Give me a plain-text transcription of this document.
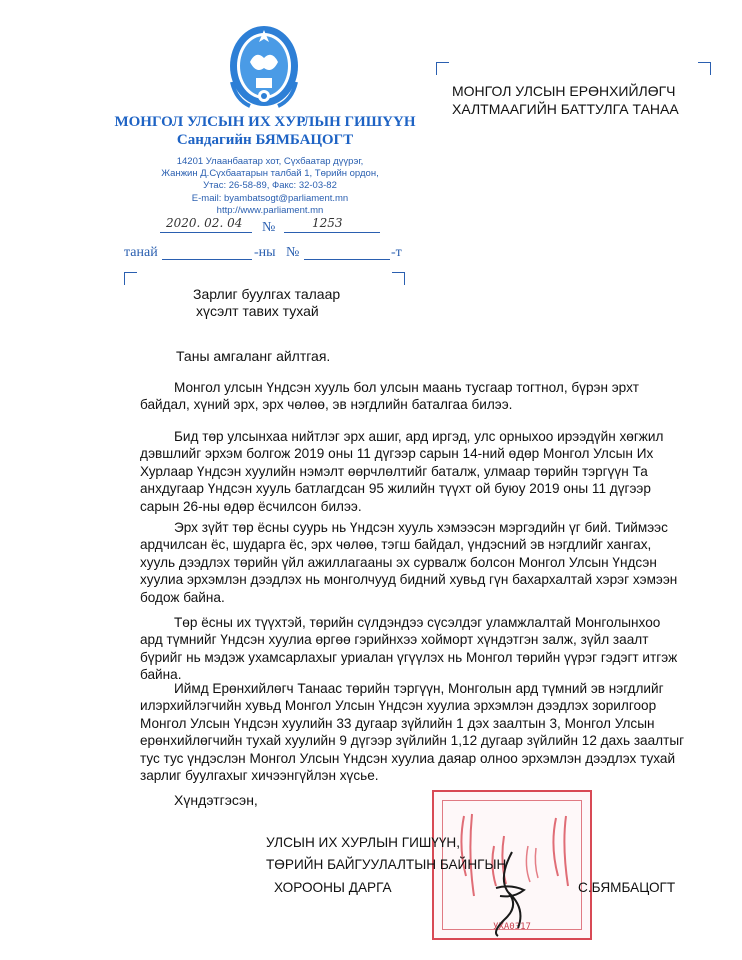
МОНГОЛ УЛСЫН ИХ ХУРЛЫН ГИШҮҮН
Сандагийн БЯМБАЦОГТ
14201 Улаанбаатар хот, Сүхбаатар дүүрэг,
Жанжин Д.Сүхбаатарын талбай 1, Төрийн ордон,
Утас: 26-58-89, Факс: 32-03-82
E-mail: byambatsogt@parliament.mn
http://www.parliament.mn
2020. 02. 04 №	1253
танай	-ны №	-т
МОНГОЛ УЛСЫН ЕРӨНХИЙЛӨГЧ
ХАЛТМААГИЙН БАТТУЛГА ТАНАА
Зарлиг буулгах талаар
хүсэлт тавих тухай
Таны амгаланг айлтгая.

Монгол улсын Үндсэн хууль бол улсын маань тусгаар тогтнол, бүрэн эрхт байдал, хүний эрх, эрх чөлөө, эв нэгдлийн баталгаа билээ.

Бид төр улсынхаа нийтлэг эрх ашиг, ард иргэд, улс орныхоо ирээдүйн хөгжил дэвшлийг эрхэм болгож 2019 оны 11 дүгээр сарын 14-ний өдөр Монгол Улсын Их Хурлаар Үндсэн хуулийн нэмэлт өөрчлөлтийг баталж, улмаар төрийн тэргүүн Та анхдугаар Үндсэн хууль батлагдсан 95 жилийн түүхт ой буюу 2019 оны 11 дүгээр сарын 26-ны өдөр ёсчилсон билээ.

Эрх зүйт төр ёсны суурь нь Үндсэн хууль хэмээсэн мэргэдийн үг бий. Тиймээс ардчилсан ёс, шударга ёс, эрх чөлөө, тэгш байдал, үндэсний эв нэгдлийг хангах, хууль дээдлэх төрийн үйл ажиллагааны эх сурвалж болсон Монгол Улсын Үндсэн хуулиа эрхэмлэн дээдлэх нь монголчууд бидний хувьд гүн бахархалтай хэрэг хэмээн бодож байна.

Төр ёсны их түүхтэй, төрийн сүлдэндээ сүсэлдэг уламжлалтай Монголынхоо ард түмнийг Үндсэн хуулиа өргөө гэрийнхээ хойморт хүндэтгэн залж, зүйл заалт бүрийг нь мэдэж ухамсарлахыг уриалан үгүүлэх нь Монгол төрийн үүрэг гэдэгт итгэж байна.

Иймд Ерөнхийлөгч Танаас төрийн тэргүүн, Монголын ард түмний эв нэгдлийг илэрхийлэгчийн хувьд Монгол Улсын Үндсэн хуулиа эрхэмлэн дээдлэх зорилгоор Монгол Улсын Үндсэн хуулийн 33 дугаар зүйлийн 1 дэх заалтын 3, Монгол Улсын ерөнхийлөгчийн тухай хуулийн 9 дүгээр зүйлийн 1,12 дугаар зүйлийн 12 дахь заалтыг тус тус үндэслэн Монгол Улсын Үндсэн хуулиа даяар олноо эрхэмлэн дээдлэх тухай зарлиг буулгахыг хичээнгүйлэн хүсье.

Хүндэтгэсэн,
УХА0317
УЛСЫН ИХ ХУРЛЫН ГИШҮҮН,
ТӨРИЙН БАЙГУУЛАЛТЫН БАЙНГЫН
ХОРООНЫ ДАРГА	С.БЯМБАЦОГТ
